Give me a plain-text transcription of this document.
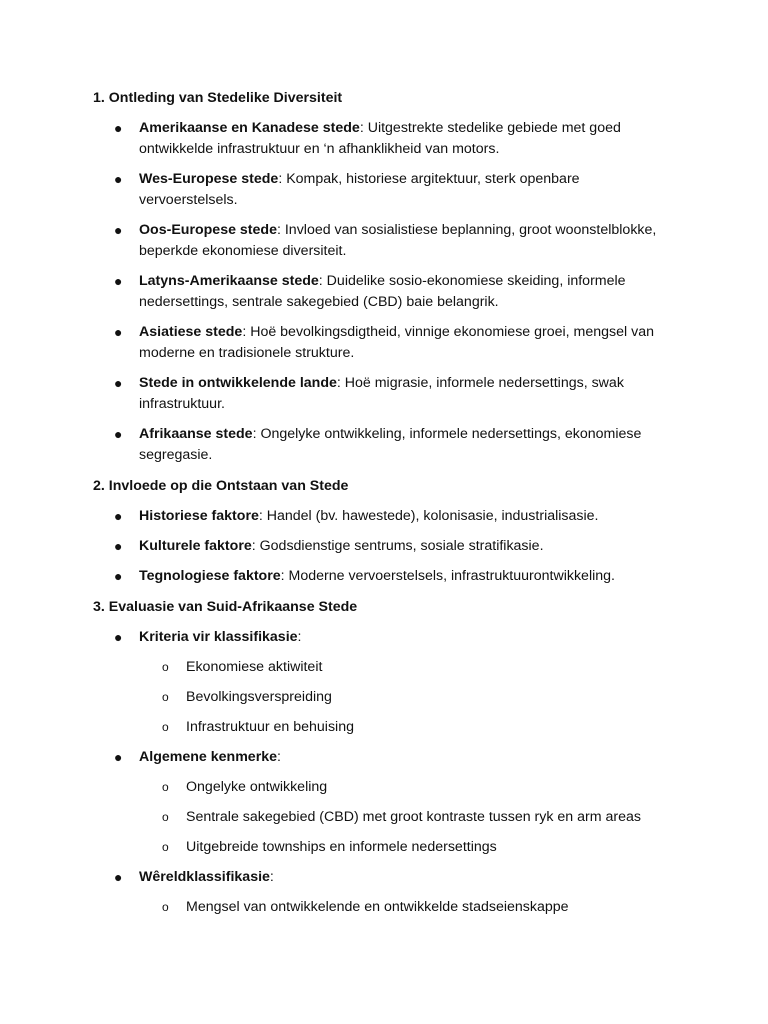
1. Ontleding van Stedelike Diversiteit

● Amerikaanse en Kanadese stede: Uitgestrekte stedelike gebiede met goed ontwikkelde infrastruktuur en ‘n afhanklikheid van motors.
● Wes-Europese stede: Kompak, historiese argitektuur, sterk openbare vervoerstelsels.
● Oos-Europese stede: Invloed van sosialistiese beplanning, groot woonstelblokke, beperkde ekonomiese diversiteit.
● Latyns-Amerikaanse stede: Duidelike sosio-ekonomiese skeiding, informele nedersettings, sentrale sakegebied (CBD) baie belangrik.
● Asiatiese stede: Hoë bevolkingsdigtheid, vinnige ekonomiese groei, mengsel van moderne en tradisionele strukture.
● Stede in ontwikkelende lande: Hoë migrasie, informele nedersettings, swak infrastruktuur.
● Afrikaanse stede: Ongelyke ontwikkeling, informele nedersettings, ekonomiese segregasie.

2. Invloede op die Ontstaan van Stede

● Historiese faktore: Handel (bv. hawestede), kolonisasie, industrialisasie.
● Kulturele faktore: Godsdienstige sentrums, sosiale stratifikasie.
● Tegnologiese faktore: Moderne vervoerstelsels, infrastruktuurontwikkeling.

3. Evaluasie van Suid-Afrikaanse Stede

● Kriteria vir klassifikasie:
o Ekonomiese aktiwiteit
o Bevolkingsverspreiding
o Infrastruktuur en behuising
● Algemene kenmerke:
o Ongelyke ontwikkeling
o Sentrale sakegebied (CBD) met groot kontraste tussen ryk en arm areas
o Uitgebreide townships en informele nedersettings
● Wêreldklassifikasie:
o Mengsel van ontwikkelende en ontwikkelde stadseienskappe
